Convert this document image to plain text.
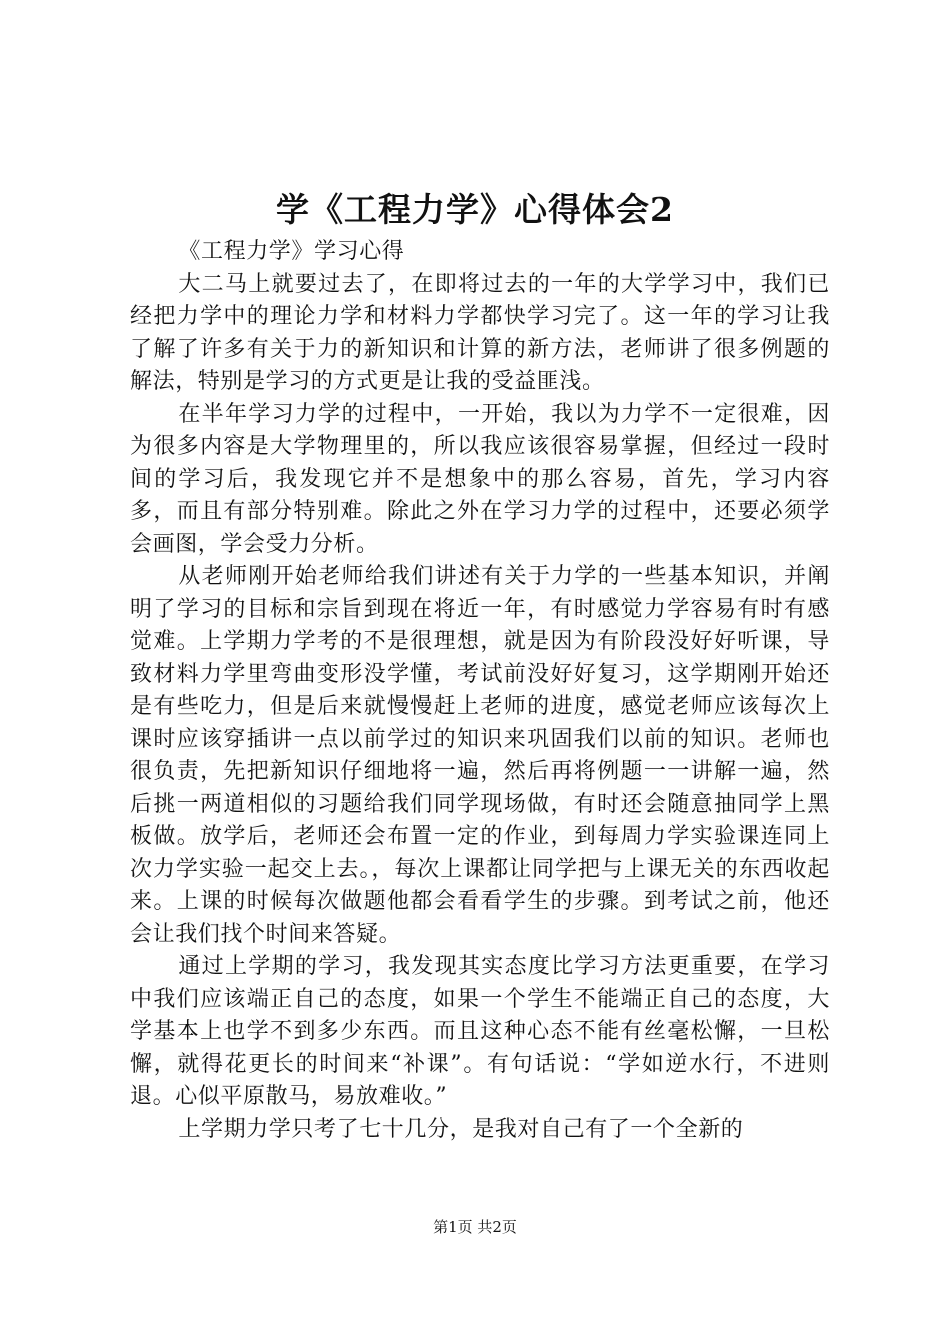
学《工程力学》心得体会2

《工程力学》学习心得

大二马上就要过去了，在即将过去的一年的大学学习中，我们已经把力学中的理论力学和材料力学都快学习完了。这一年的学习让我了解了许多有关于力的新知识和计算的新方法，老师讲了很多例题的解法，特别是学习的方式更是让我的受益匪浅。

在半年学习力学的过程中，一开始，我以为力学不一定很难，因为很多内容是大学物理里的，所以我应该很容易掌握，但经过一段时间的学习后，我发现它并不是想象中的那么容易，首先，学习内容多，而且有部分特别难。除此之外在学习力学的过程中，还要必须学会画图，学会受力分析。

从老师刚开始老师给我们讲述有关于力学的一些基本知识，并阐明了学习的目标和宗旨到现在将近一年，有时感觉力学容易有时有感觉难。上学期力学考的不是很理想，就是因为有阶段没好好听课，导致材料力学里弯曲变形没学懂，考试前没好好复习，这学期刚开始还是有些吃力，但是后来就慢慢赶上老师的进度，感觉老师应该每次上课时应该穿插讲一点以前学过的知识来巩固我们以前的知识。老师也很负责，先把新知识仔细地将一遍，然后再将例题一一讲解一遍，然后挑一两道相似的习题给我们同学现场做，有时还会随意抽同学上黑板做。放学后，老师还会布置一定的作业，到每周力学实验课连同上次力学实验一起交上去。，每次上课都让同学把与上课无关的东西收起来。上课的时候每次做题他都会看看学生的步骤。到考试之前，他还会让我们找个时间来答疑。

通过上学期的学习，我发现其实态度比学习方法更重要，在学习中我们应该端正自己的态度，如果一个学生不能端正自己的态度，大学基本上也学不到多少东西。而且这种心态不能有丝毫松懈，一旦松懈，就得花更长的时间来“补课”。有句话说：“学如逆水行，不进则退。心似平原散马，易放难收。”

上学期力学只考了七十几分，是我对自己有了一个全新的

第1页 共2页
